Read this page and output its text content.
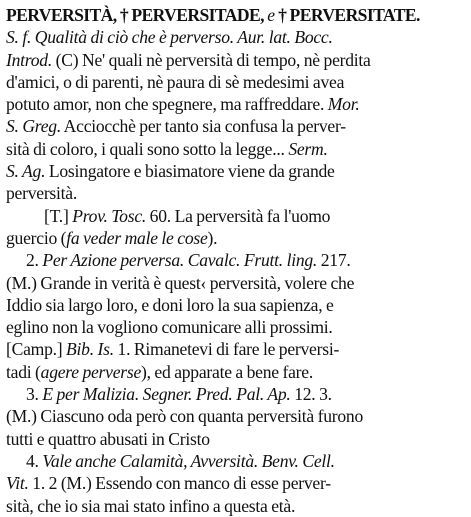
PERVERSITÀ, † PERVERSITADE, e † PERVERSITATE.
S. f. Qualità di ciò che è perverso. Aur. lat. Bocc.
Introd. (C) Ne' quali nè perversità di tempo, nè perdita
d'amici, o di parenti, nè paura di sè medesimi avea
potuto amor, non che spegnere, ma raffreddare. Mor.
S. Greg. Acciocchè per tanto sia confusa la perver-
sità di coloro, i quali sono sotto la legge... Serm.
S. Ag. Losingatore e biasimatore viene da grande
perversità.
[T.] Prov. Tosc. 60. La perversità fa l'uomo
guercio (fa veder male le cose).
2. Per Azione perversa. Cavalc. Frutt. ling. 217.
(M.) Grande in verità è quest‹ perversità, volere che
Iddio sia largo loro, e doni loro la sua sapienza, e
eglino non la vogliono comunicare alli prossimi.
[Camp.] Bib. Is. 1. Rimanetevi di fare le perversi-
tadi (agere perverse), ed apparate a bene fare.
3. E per Malizia. Segner. Pred. Pal. Ap. 12. 3.
(M.) Ciascuno oda però con quanta perversità furono
tutti e quattro abusati in Cristo
4. Vale anche Calamità, Avversità. Benv. Cell.
Vit. 1. 2 (M.) Essendo con manco di esse perver-
sità, che io sia mai stato infino a questa età.
